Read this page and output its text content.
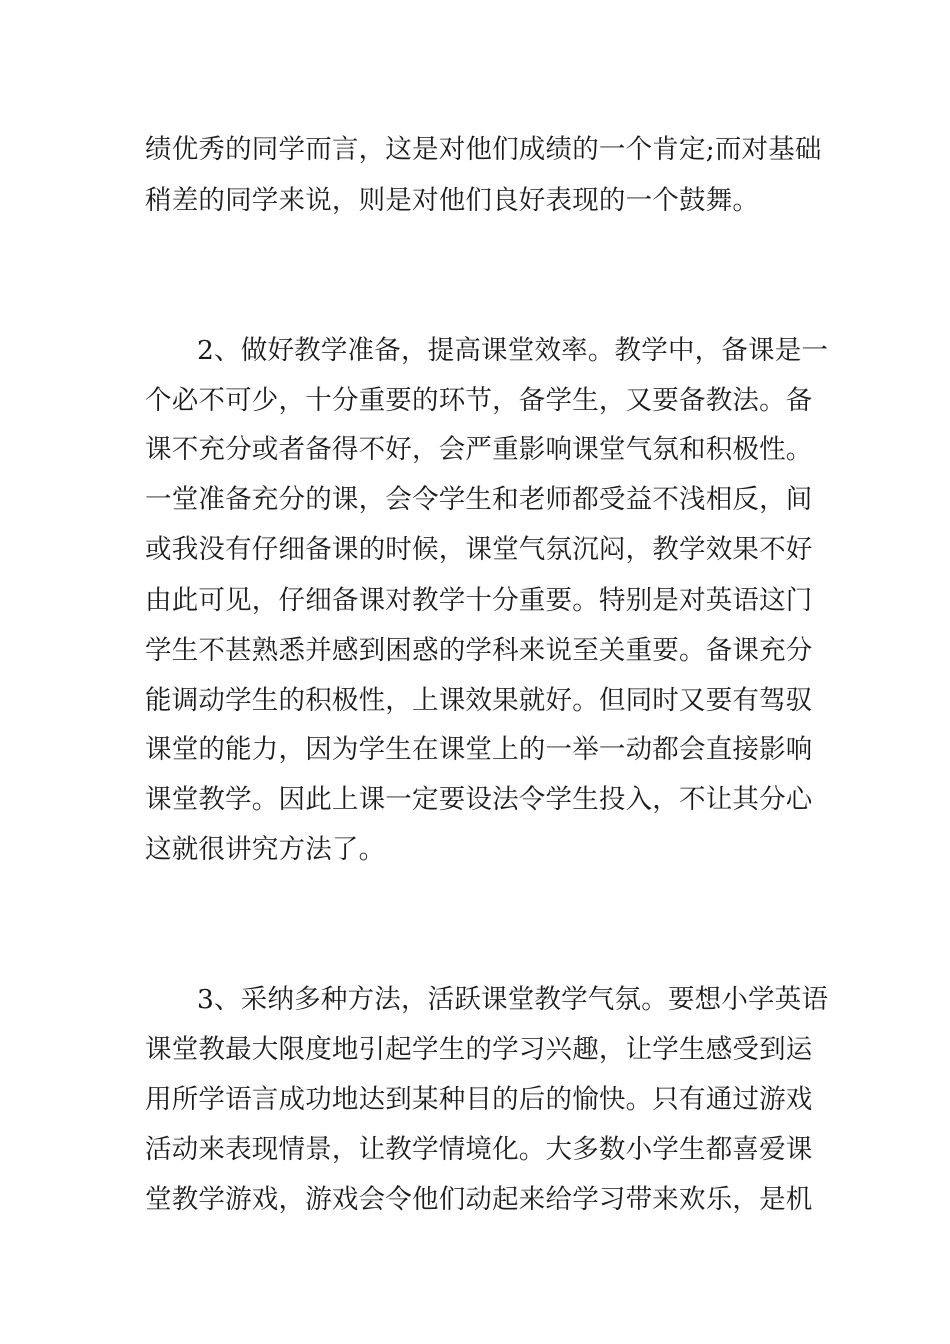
绩优秀的同学而言，这是对他们成绩的一个肯定;而对基础
稍差的同学来说，则是对他们良好表现的一个鼓舞。
2、做好教学准备，提高课堂效率。教学中，备课是一
个必不可少，十分重要的环节，备学生，又要备教法。备
课不充分或者备得不好，会严重影响课堂气氛和积极性。
一堂准备充分的课，会令学生和老师都受益不浅相反，间
或我没有仔细备课的时候，课堂气氛沉闷，教学效果不好
由此可见，仔细备课对教学十分重要。特别是对英语这门
学生不甚熟悉并感到困惑的学科来说至关重要。备课充分
能调动学生的积极性，上课效果就好。但同时又要有驾驭
课堂的能力，因为学生在课堂上的一举一动都会直接影响
课堂教学。因此上课一定要设法令学生投入，不让其分心
这就很讲究方法了。
3、采纳多种方法，活跃课堂教学气氛。要想小学英语
课堂教最大限度地引起学生的学习兴趣，让学生感受到运
用所学语言成功地达到某种目的后的愉快。只有通过游戏
活动来表现情景，让教学情境化。大多数小学生都喜爱课
堂教学游戏，游戏会令他们动起来给学习带来欢乐，是机
